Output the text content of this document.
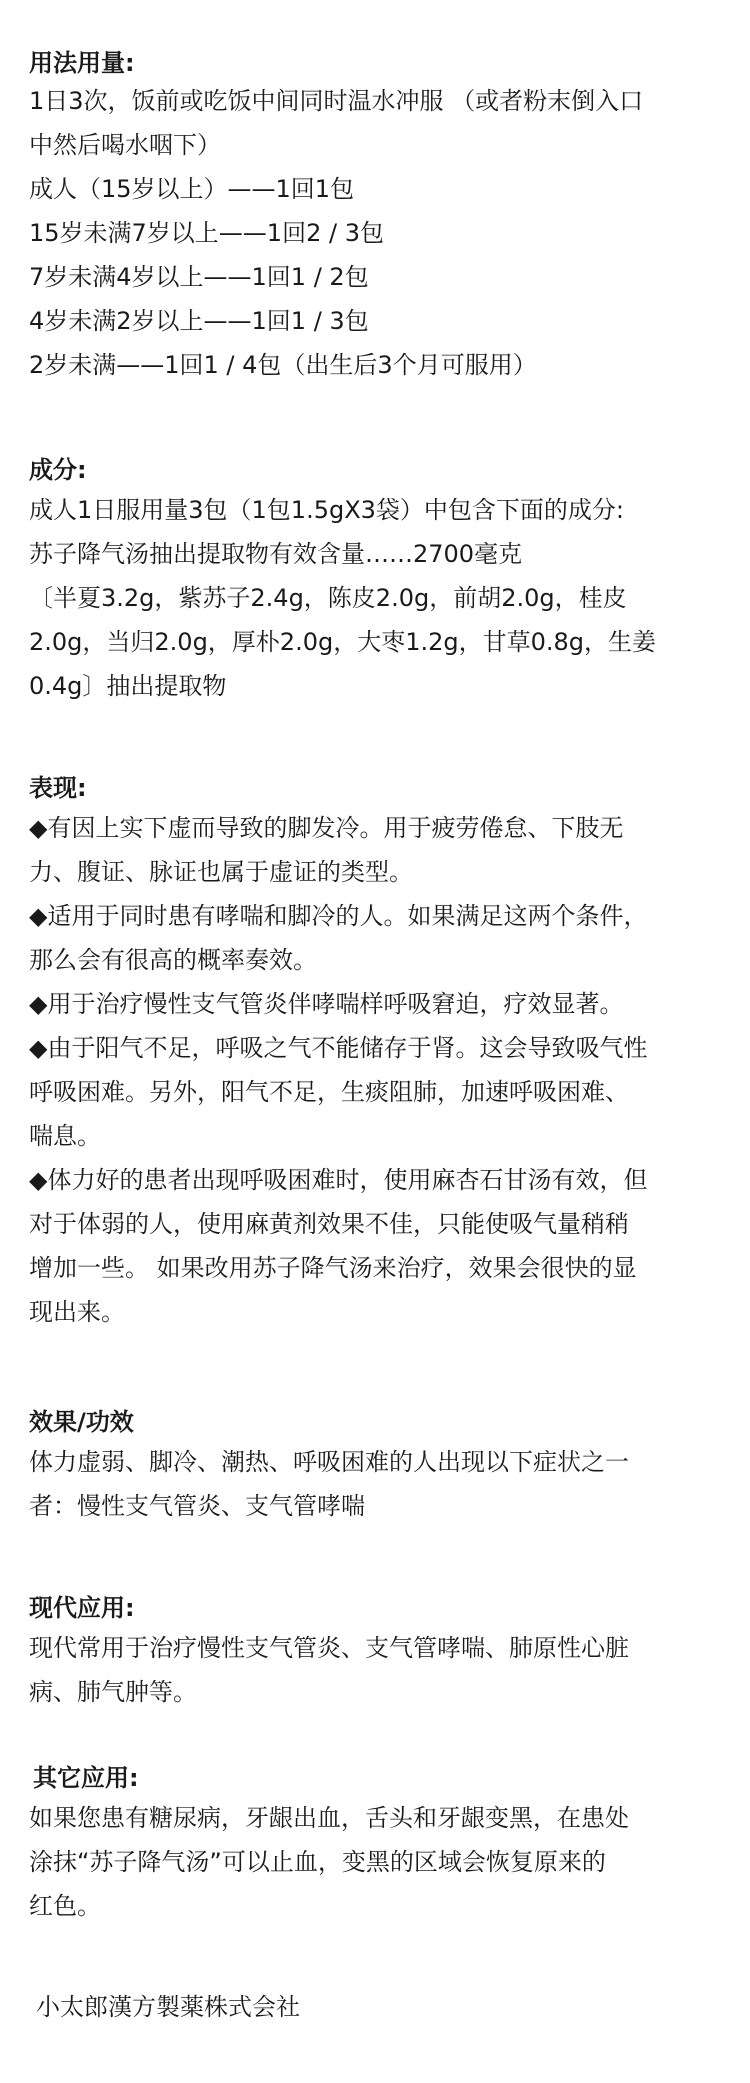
用法用量:
1日3次，饭前或吃饭中间同时温水冲服 （或者粉末倒入口
中然后喝水咽下）
成人（15岁以上）——1回1包
15岁未满7岁以上——1回2 / 3包
7岁未满4岁以上——1回1 / 2包
4岁未满2岁以上——1回1 / 3包
2岁未满——1回1 / 4包（出生后3个月可服用）
成分:
成人1日服用量3包（1包1.5gX3袋）中包含下面的成分:
苏子降气汤抽出提取物有效含量……2700毫克
〔半夏3.2g，紫苏子2.4g，陈皮2.0g，前胡2.0g，桂皮
2.0g，当归2.0g，厚朴2.0g，大枣1.2g，甘草0.8g，生姜
0.4g〕抽出提取物
表现:
◆有因上实下虚而导致的脚发冷。用于疲劳倦怠、下肢无
力、腹证、脉证也属于虚证的类型。
◆适用于同时患有哮喘和脚冷的人。如果满足这两个条件，
那么会有很高的概率奏效。
◆用于治疗慢性支气管炎伴哮喘样呼吸窘迫，疗效显著。
◆由于阳气不足，呼吸之气不能储存于肾。这会导致吸气性
呼吸困难。另外，阳气不足，生痰阻肺，加速呼吸困难、
喘息。
◆体力好的患者出现呼吸困难时，使用麻杏石甘汤有效，但
对于体弱的人，使用麻黄剂效果不佳，只能使吸气量稍稍
增加一些。 如果改用苏子降气汤来治疗，效果会很快的显
现出来。
效果/功效
体力虚弱、脚冷、潮热、呼吸困难的人出现以下症状之一
者：慢性支气管炎、支气管哮喘
现代应用:
现代常用于治疗慢性支气管炎、支气管哮喘、肺原性心脏
病、肺气肿等。
其它应用:
如果您患有糖尿病，牙龈出血，舌头和牙龈变黑，在患处
涂抹“苏子降气汤”可以止血，变黑的区域会恢复原来的
红色。
小太郎漢方製薬株式会社
